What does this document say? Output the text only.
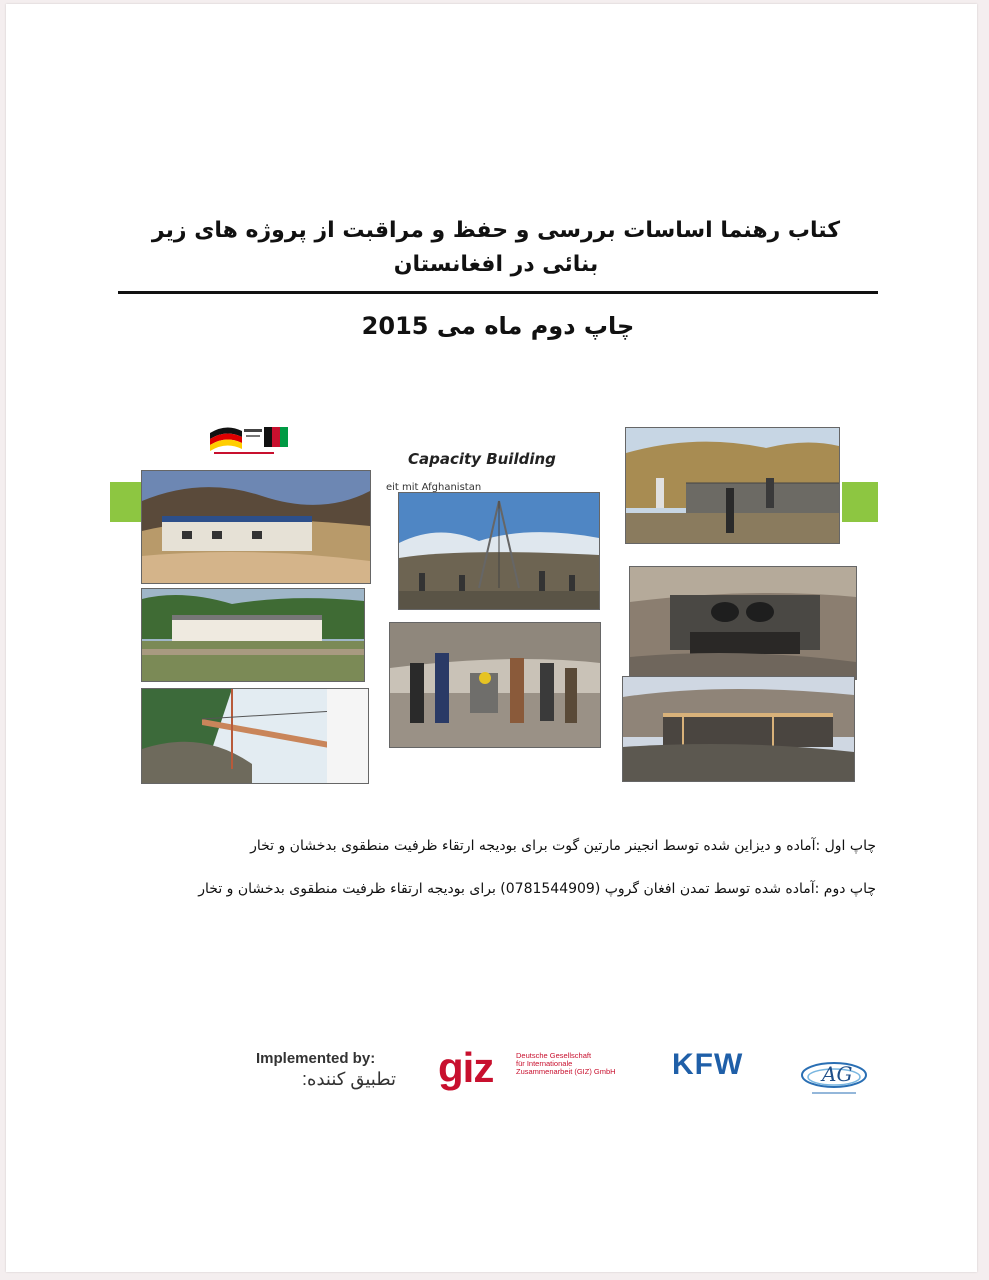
کتاب رهنما اساسات بررسی و حفظ و مراقبت از پروژه های زیر بنائی در افغانستان
چاپ دوم ماه می 2015
Capacity Building
eit mit Afghanistan
چاپ اول :آماده و دیزاین شده توسط انجینر مارتین گوت برای بودیجه ارتقاء ظرفیت منطقوی بدخشان و تخار
چاپ دوم :آماده شده توسط تمدن افغان گروپ (0781544909) برای بودیجه ارتقاء ظرفیت منطقوی بدخشان و تخار
Implemented by:
تطبیق کننده: giz	Deutsche Gesellschaft
für Internationale
Zusammenarbeit (GIZ) GmbH	KFW	AG
